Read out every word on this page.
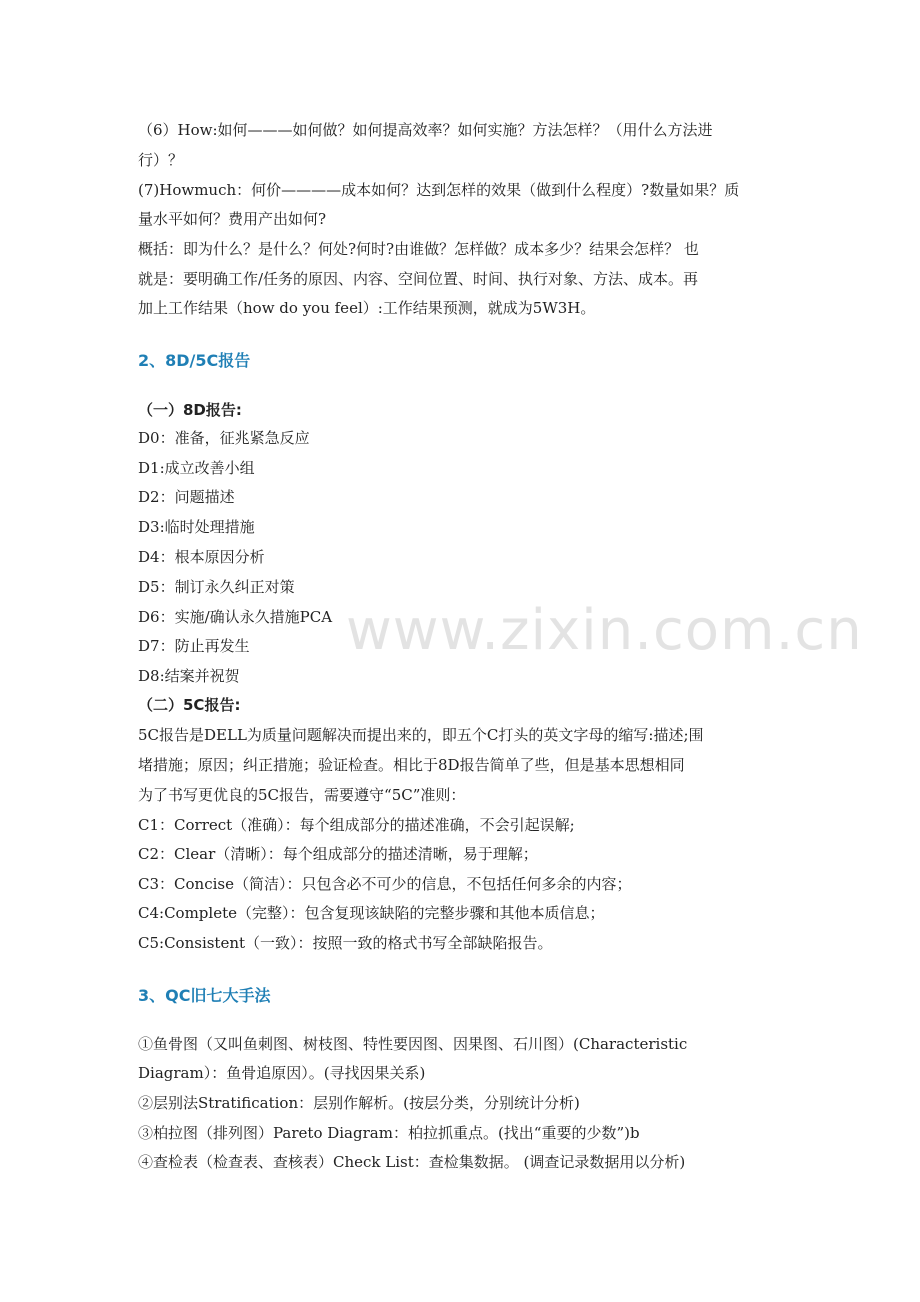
www.zixin.com.cn
（6）How:如何———如何做？如何提高效率？如何实施？方法怎样？（用什么方法进
行）？
(7)Howmuch：何价————成本如何？达到怎样的效果（做到什么程度）?数量如果？质
量水平如何？费用产出如何?
概括：即为什么？是什么？何处?何时?由谁做？怎样做？成本多少？结果会怎样？ 也
就是：要明确工作/任务的原因、内容、空间位置、时间、执行对象、方法、成本。再
加上工作结果（how do you feel）:工作结果预测，就成为5W3H。
2、8D/5C报告
（一）8D报告:
D0：准备，征兆紧急反应
D1:成立改善小组
D2：问题描述
D3:临时处理措施
D4：根本原因分析
D5：制订永久纠正对策
D6：实施/确认永久措施PCA
D7：防止再发生
D8:结案并祝贺
（二）5C报告:
5C报告是DELL为质量问题解决而提出来的，即五个C打头的英文字母的缩写:描述;围
堵措施；原因；纠正措施；验证检查。相比于8D报告简单了些，但是基本思想相同
为了书写更优良的5C报告，需要遵守“5C”准则：
C1：Correct（准确）：每个组成部分的描述准确，不会引起误解;
C2：Clear（清晰）：每个组成部分的描述清晰，易于理解；
C3：Concise（简洁）：只包含必不可少的信息，不包括任何多余的内容；
C4:Complete（完整）：包含复现该缺陷的完整步骤和其他本质信息；
C5:Consistent（一致）：按照一致的格式书写全部缺陷报告。
3、QC旧七大手法
①鱼骨图（又叫鱼刺图、树枝图、特性要因图、因果图、石川图）(Characteristic
Diagram）：鱼骨追原因）。(寻找因果关系)
②层别法Stratification：层别作解析。(按层分类，分别统计分析)
③柏拉图（排列图）Pareto Diagram：柏拉抓重点。(找出“重要的少数”)b
④查检表（检查表、查核表）Check List：查检集数据。 (调查记录数据用以分析)
